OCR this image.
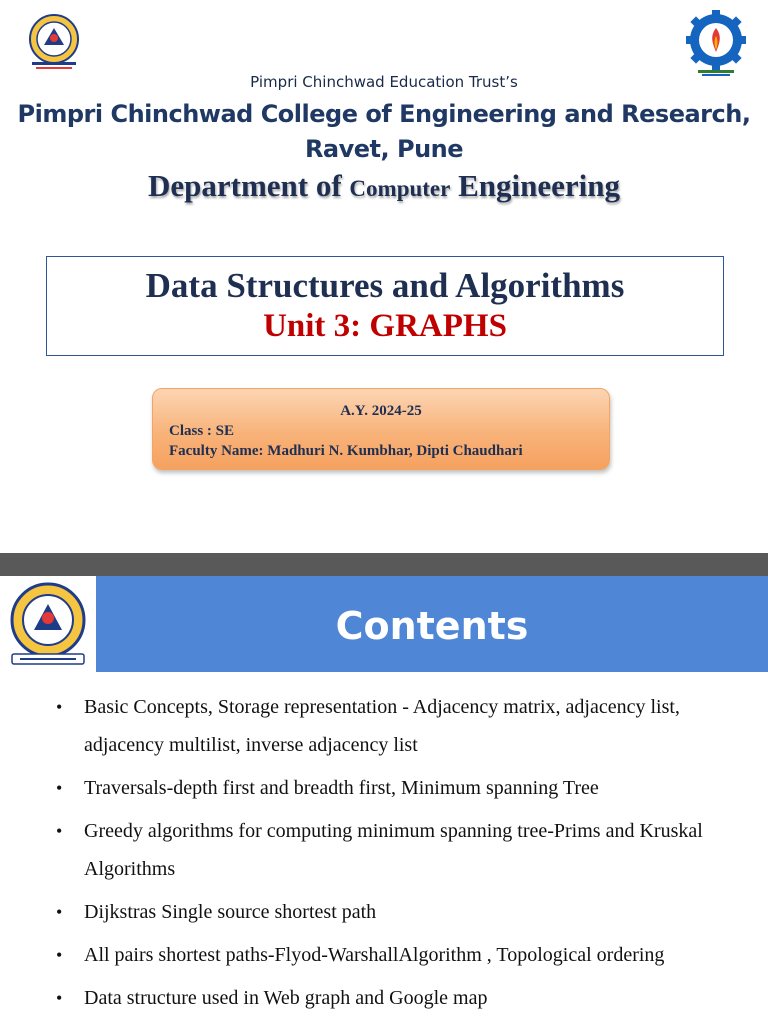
Pimpri Chinchwad Education Trust’s
Pimpri Chinchwad College of Engineering and Research,
Ravet, Pune
Department of Computer Engineering
Data Structures and Algorithms
Unit 3: GRAPHS
A.Y. 2024-25
Class : SE
Faculty Name: Madhuri N. Kumbhar, Dipti Chaudhari
Contents
• Basic Concepts, Storage representation - Adjacency matrix, adjacency list, adjacency multilist, inverse adjacency list
• Traversals-depth first and breadth first, Minimum spanning Tree
• Greedy algorithms for computing minimum spanning tree-Prims and Kruskal Algorithms
• Dijkstras Single source shortest path
• All pairs shortest paths-Flyod-WarshallAlgorithm , Topological ordering
• Data structure used in Web graph and Google map
